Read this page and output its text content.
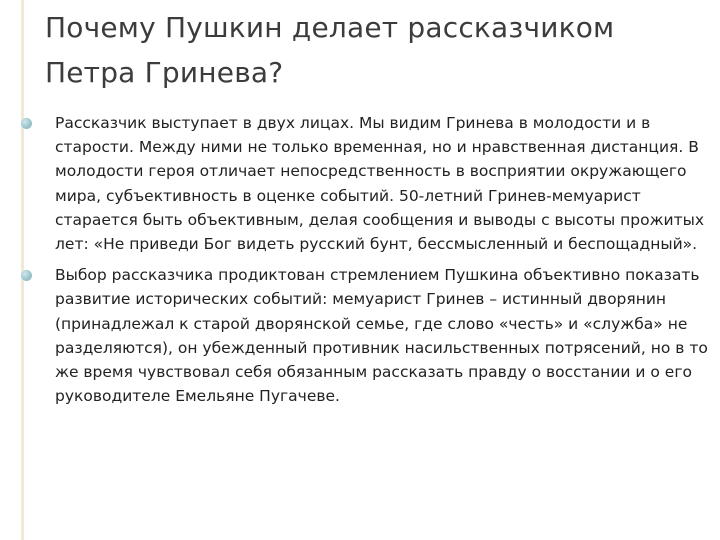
Почему Пушкин делает рассказчиком Петра Гринева?
Рассказчик выступает в двух лицах. Мы видим Гринева в молодости и в старости. Между ними не только временная, но и нравственная дистанция. В молодости героя отличает непосредственность в восприятии окружающего мира, субъективность в оценке событий. 50-летний Гринев-мемуарист старается быть объективным, делая сообщения и выводы с высоты прожитых лет: «Не приведи Бог видеть русский бунт, бессмысленный и беспощадный».
Выбор рассказчика продиктован стремлением Пушкина объективно показать развитие исторических событий: мемуарист Гринев – истинный дворянин (принадлежал к старой дворянской семье, где слово «честь» и «служба» не разделяются), он убежденный противник насильственных потрясений, но в то же время чувствовал себя обязанным рассказать правду о восстании и о его руководителе Емельяне Пугачеве.
